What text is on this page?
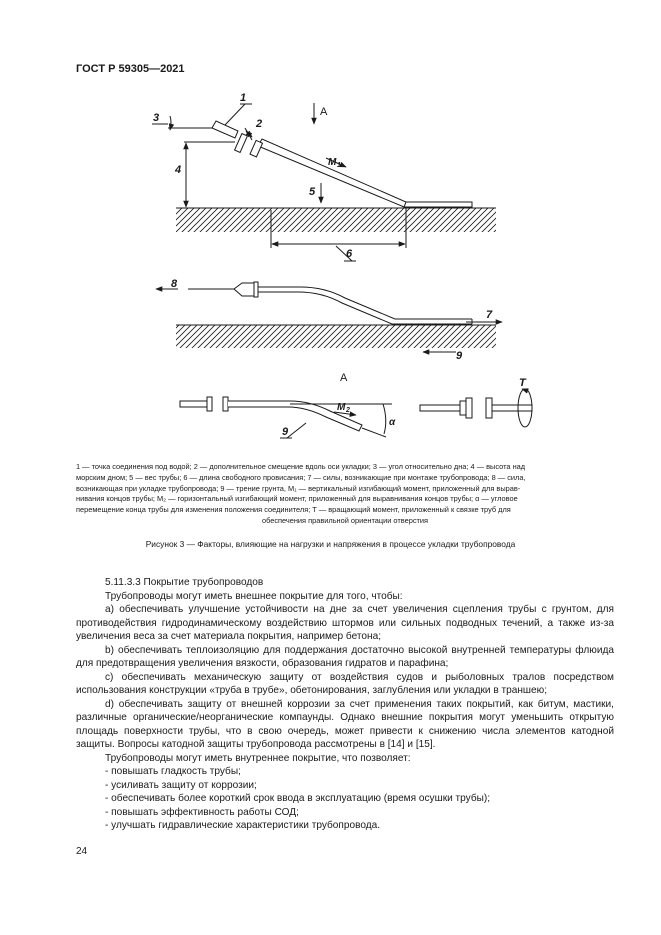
ГОСТ Р 59305—2021
1
2
3
4
5
6
M 1
A
8
7
9
A
M 2
α
9
T
1 — точка соединения под водой; 2 — дополнительное смещение вдоль оси укладки; 3 — угол относительно дна; 4 — высота над
морским дном; 5 — вес трубы; 6 — длина свободного провисания; 7 — силы, возникающие при монтаже трубопровода; 8 — сила,
возникающая при укладке трубопровода; 9 — трение грунта, M₁ — вертикальный изгибающий момент, приложенный для вырав-
нивания концов трубы; M₂ — горизонтальный изгибающий момент, приложенный для выравнивания концов трубы; α — угловое
перемещение конца трубы для изменения положения соединителя; T — вращающий момент, приложенный к связке труб для
обеспечения правильной ориентации отверстия
Рисунок 3 — Факторы, влияющие на нагрузки и напряжения в процессе укладки трубопровода

5.11.3.3 Покрытие трубопроводов

Трубопроводы могут иметь внешнее покрытие для того, чтобы:

а) обеспечивать улучшение устойчивости на дне за счет увеличения сцепления трубы с грунтом, для противодействия гидродинамическому воздействию штормов или сильных подводных течений, а также из-за увеличения веса за счет материала покрытия, например бетона;

b) обеспечивать теплоизоляцию для поддержания достаточно высокой внутренней температуры флюида для предотвращения увеличения вязкости, образования гидратов и парафина;

c) обеспечивать механическую защиту от воздействия судов и рыболовных тралов посредством использования конструкции «труба в трубе», обетонирования, заглубления или укладки в траншею;

d) обеспечивать защиту от внешней коррозии за счет применения таких покрытий, как битум, мастики, различные органические/неорганические компаунды. Однако внешние покрытия могут уменьшить открытую площадь поверхности трубы, что в свою очередь, может привести к снижению числа элементов катодной защиты. Вопросы катодной защиты трубопровода рассмотрены в [14] и [15].

Трубопроводы могут иметь внутреннее покрытие, что позволяет:

- повышать гладкость трубы;
- усиливать защиту от коррозии;
- обеспечивать более короткий срок ввода в эксплуатацию (время осушки трубы);
- повышать эффективность работы СОД;
- улучшать гидравлические характеристики трубопровода.
24
